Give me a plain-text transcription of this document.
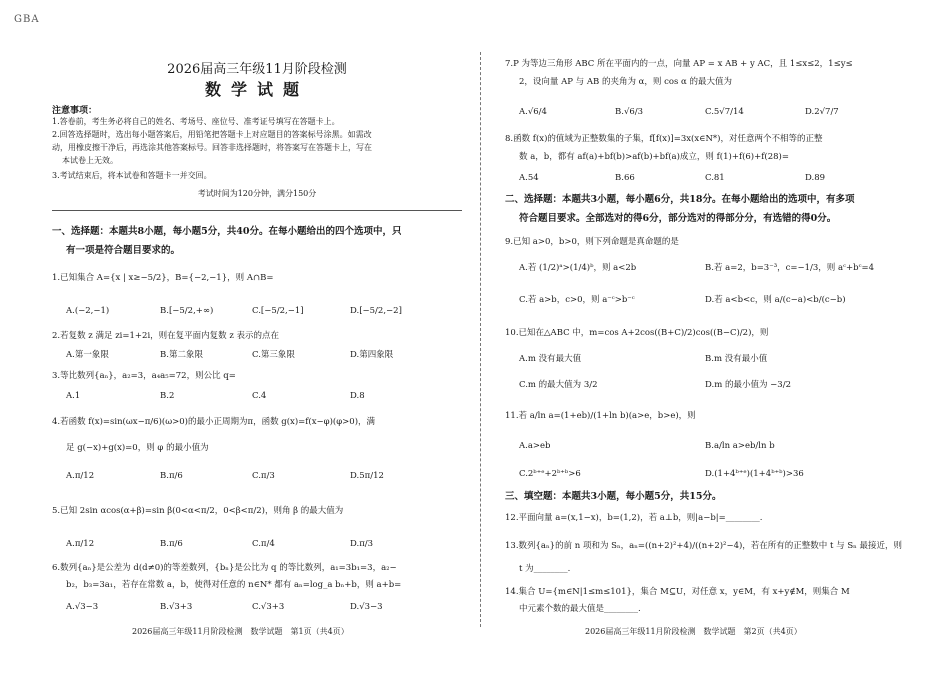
GBA
2026届高三年级11月阶段检测
数学试题
注意事项：
1.答卷前，考生务必将自己的姓名、考场号、座位号、准考证号填写在答题卡上。
2.回答选择题时，选出每小题答案后，用铅笔把答题卡上对应题目的答案标号涂黑。如需改
动，用橡皮擦干净后，再选涂其他答案标号。回答非选择题时，将答案写在答题卡上，写在
本试卷上无效。
3.考试结束后，将本试卷和答题卡一并交回。
考试时间为120分钟，满分150分
一、选择题：本题共8小题，每小题5分，共40分。在每小题给出的四个选项中，只
有一项是符合题目要求的。
1.已知集合 A={x | x≥−5/2}，B={−2,−1}，则 A∩B=
A.(−2,−1)	B.[−5/2,+∞)	C.[−5/2,−1]	D.[−5/2,−2]
2.若复数 z 满足 zi=1+2i，则在复平面内复数 z 表示的点在
A.第一象限	B.第二象限	C.第三象限	D.第四象限
3.等比数列{aₙ}，a₂=3，a₄a₅=72，则公比 q=
A.1	B.2	C.4	D.8
4.若函数 f(x)=sin(ωx−π/6)(ω>0)的最小正周期为π，函数 g(x)=f(x−φ)(φ>0)，满
足 g(−x)+g(x)=0，则 φ 的最小值为
A.π/12	B.π/6	C.π/3	D.5π/12
5.已知 2sin αcos(α+β)=sin β(0<α<π/2，0<β<π/2)，则角 β 的最大值为
A.π/12	B.π/6	C.π/4	D.π/3
6.数列{aₙ}是公差为 d(d≠0)的等差数列，{bₙ}是公比为 q 的等比数列，a₁=3b₁=3，a₂−
b₂，b₃=3a₁，若存在常数 a，b，使得对任意的 n∈N* 都有 aₙ=log_a bₙ+b，则 a+b=
A.√3−3	B.√3+3	C.√3+3	D.√3−3
2026届高三年级11月阶段检测　数学试题　第1页（共4页）
7.P 为等边三角形 ABC 所在平面内的一点，向量 AP = x AB + y AC，且 1≤x≤2，1≤y≤
2，设向量 AP 与 AB 的夹角为 α，则 cos α 的最大值为
A.√6/4	B.√6/3	C.5√7/14	D.2√7/7
8.函数 f(x)的值域为正整数集的子集，f[f(x)]=3x(x∈N*)，对任意两个不相等的正整
数 a，b，都有 af(a)+bf(b)>af(b)+bf(a)成立，则 f(1)+f(6)+f(28)=
A.54	B.66	C.81	D.89
二、选择题：本题共3小题，每小题6分，共18分。在每小题给出的选项中，有多项
符合题目要求。全部选对的得6分，部分选对的得部分分，有选错的得0分。
9.已知 a>0，b>0，则下列命题是真命题的是
A.若 (1/2)ᵃ>(1/4)ᵇ，则 a<2b	B.若 a=2，b=3⁻³，c=−1/3，则 aᶜ+bᶜ=4
C.若 a>b，c>0，则 a⁻ᶜ>b⁻ᶜ	D.若 a<b<c，则 a/(c−a)<b/(c−b)
10.已知在△ABC 中，m=cos A+2cos((B+C)/2)cos((B−C)/2)，则
A.m 没有最大值	B.m 没有最小值
C.m 的最大值为 3/2	D.m 的最小值为 −3/2
11.若 a/ln a=(1+eb)/(1+ln b)(a>e，b>e)，则
A.a>eb	B.a/ln a>eb/ln b
C.2ᵇ⁺ᵉ+2ᵇ⁺ᵇ>6	D.(1+4ᵇ⁺ᵉ)(1+4ᵇ⁺ᵇ)>36
三、填空题：本题共3小题，每小题5分，共15分。
12.平面向量 a=(x,1−x)，b=(1,2)，若 a⊥b，则|a−b|=________.
13.数列{aₙ}的前 n 项和为 Sₙ，aₙ=((n+2)²+4)/((n+2)²−4)，若在所有的正整数中 t 与 Sₙ 最接近，则
t 为________.
14.集合 U={m∈N|1≤m≤101}，集合 M⊆U，对任意 x，y∈M，有 x+y∉M，则集合 M
中元素个数的最大值是________.
2026届高三年级11月阶段检测　数学试题　第2页（共4页）
